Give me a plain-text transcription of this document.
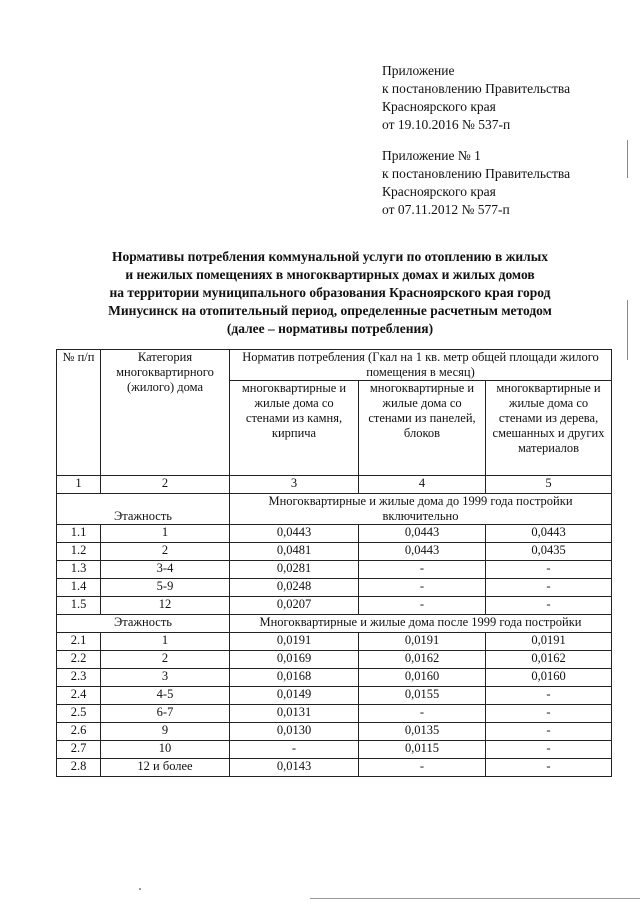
Приложение
к постановлению Правительства
Красноярского края
от 19.10.2016 № 537-п
Приложение № 1
к постановлению Правительства
Красноярского края
от 07.11.2012 № 577-п
Нормативы потребления коммунальной услуги по отоплению в жилых
и нежилых помещениях в многоквартирных домах и жилых домов
на территории муниципального образования Красноярского края город
Минусинск на отопительный период, определенные расчетным методом
(далее – нормативы потребления)
№ п/п	Категория многоквартирного (жилого) дома	Норматив потребления (Гкал на 1 кв. метр общей площади жилого помещения в месяц)		
		многоквартирные и жилые дома со стенами из камня, кирпича	многоквартирные и жилые дома со стенами из панелей, блоков	многоквартирные и жилые дома со стенами из дерева, смешанных и других материалов
1	2	3	4	5
Этажность		Многоквартирные и жилые дома до 1999 года постройки включительно		
1.1	1	0,0443	0,0443	0,0443
1.2	2	0,0481	0,0443	0,0435
1.3	3-4	0,0281	-	-
1.4	5-9	0,0248	-	-
1.5	12	0,0207	-	-
Этажность		Многоквартирные и жилые дома после 1999 года постройки		
2.1	1	0,0191	0,0191	0,0191
2.2	2	0,0169	0,0162	0,0162
2.3	3	0,0168	0,0160	0,0160
2.4	4-5	0,0149	0,0155	-
2.5	6-7	0,0131	-	-
2.6	9	0,0130	0,0135	-
2.7	10	-	0,0115	-
2.8	12 и более	0,0143	-	-
